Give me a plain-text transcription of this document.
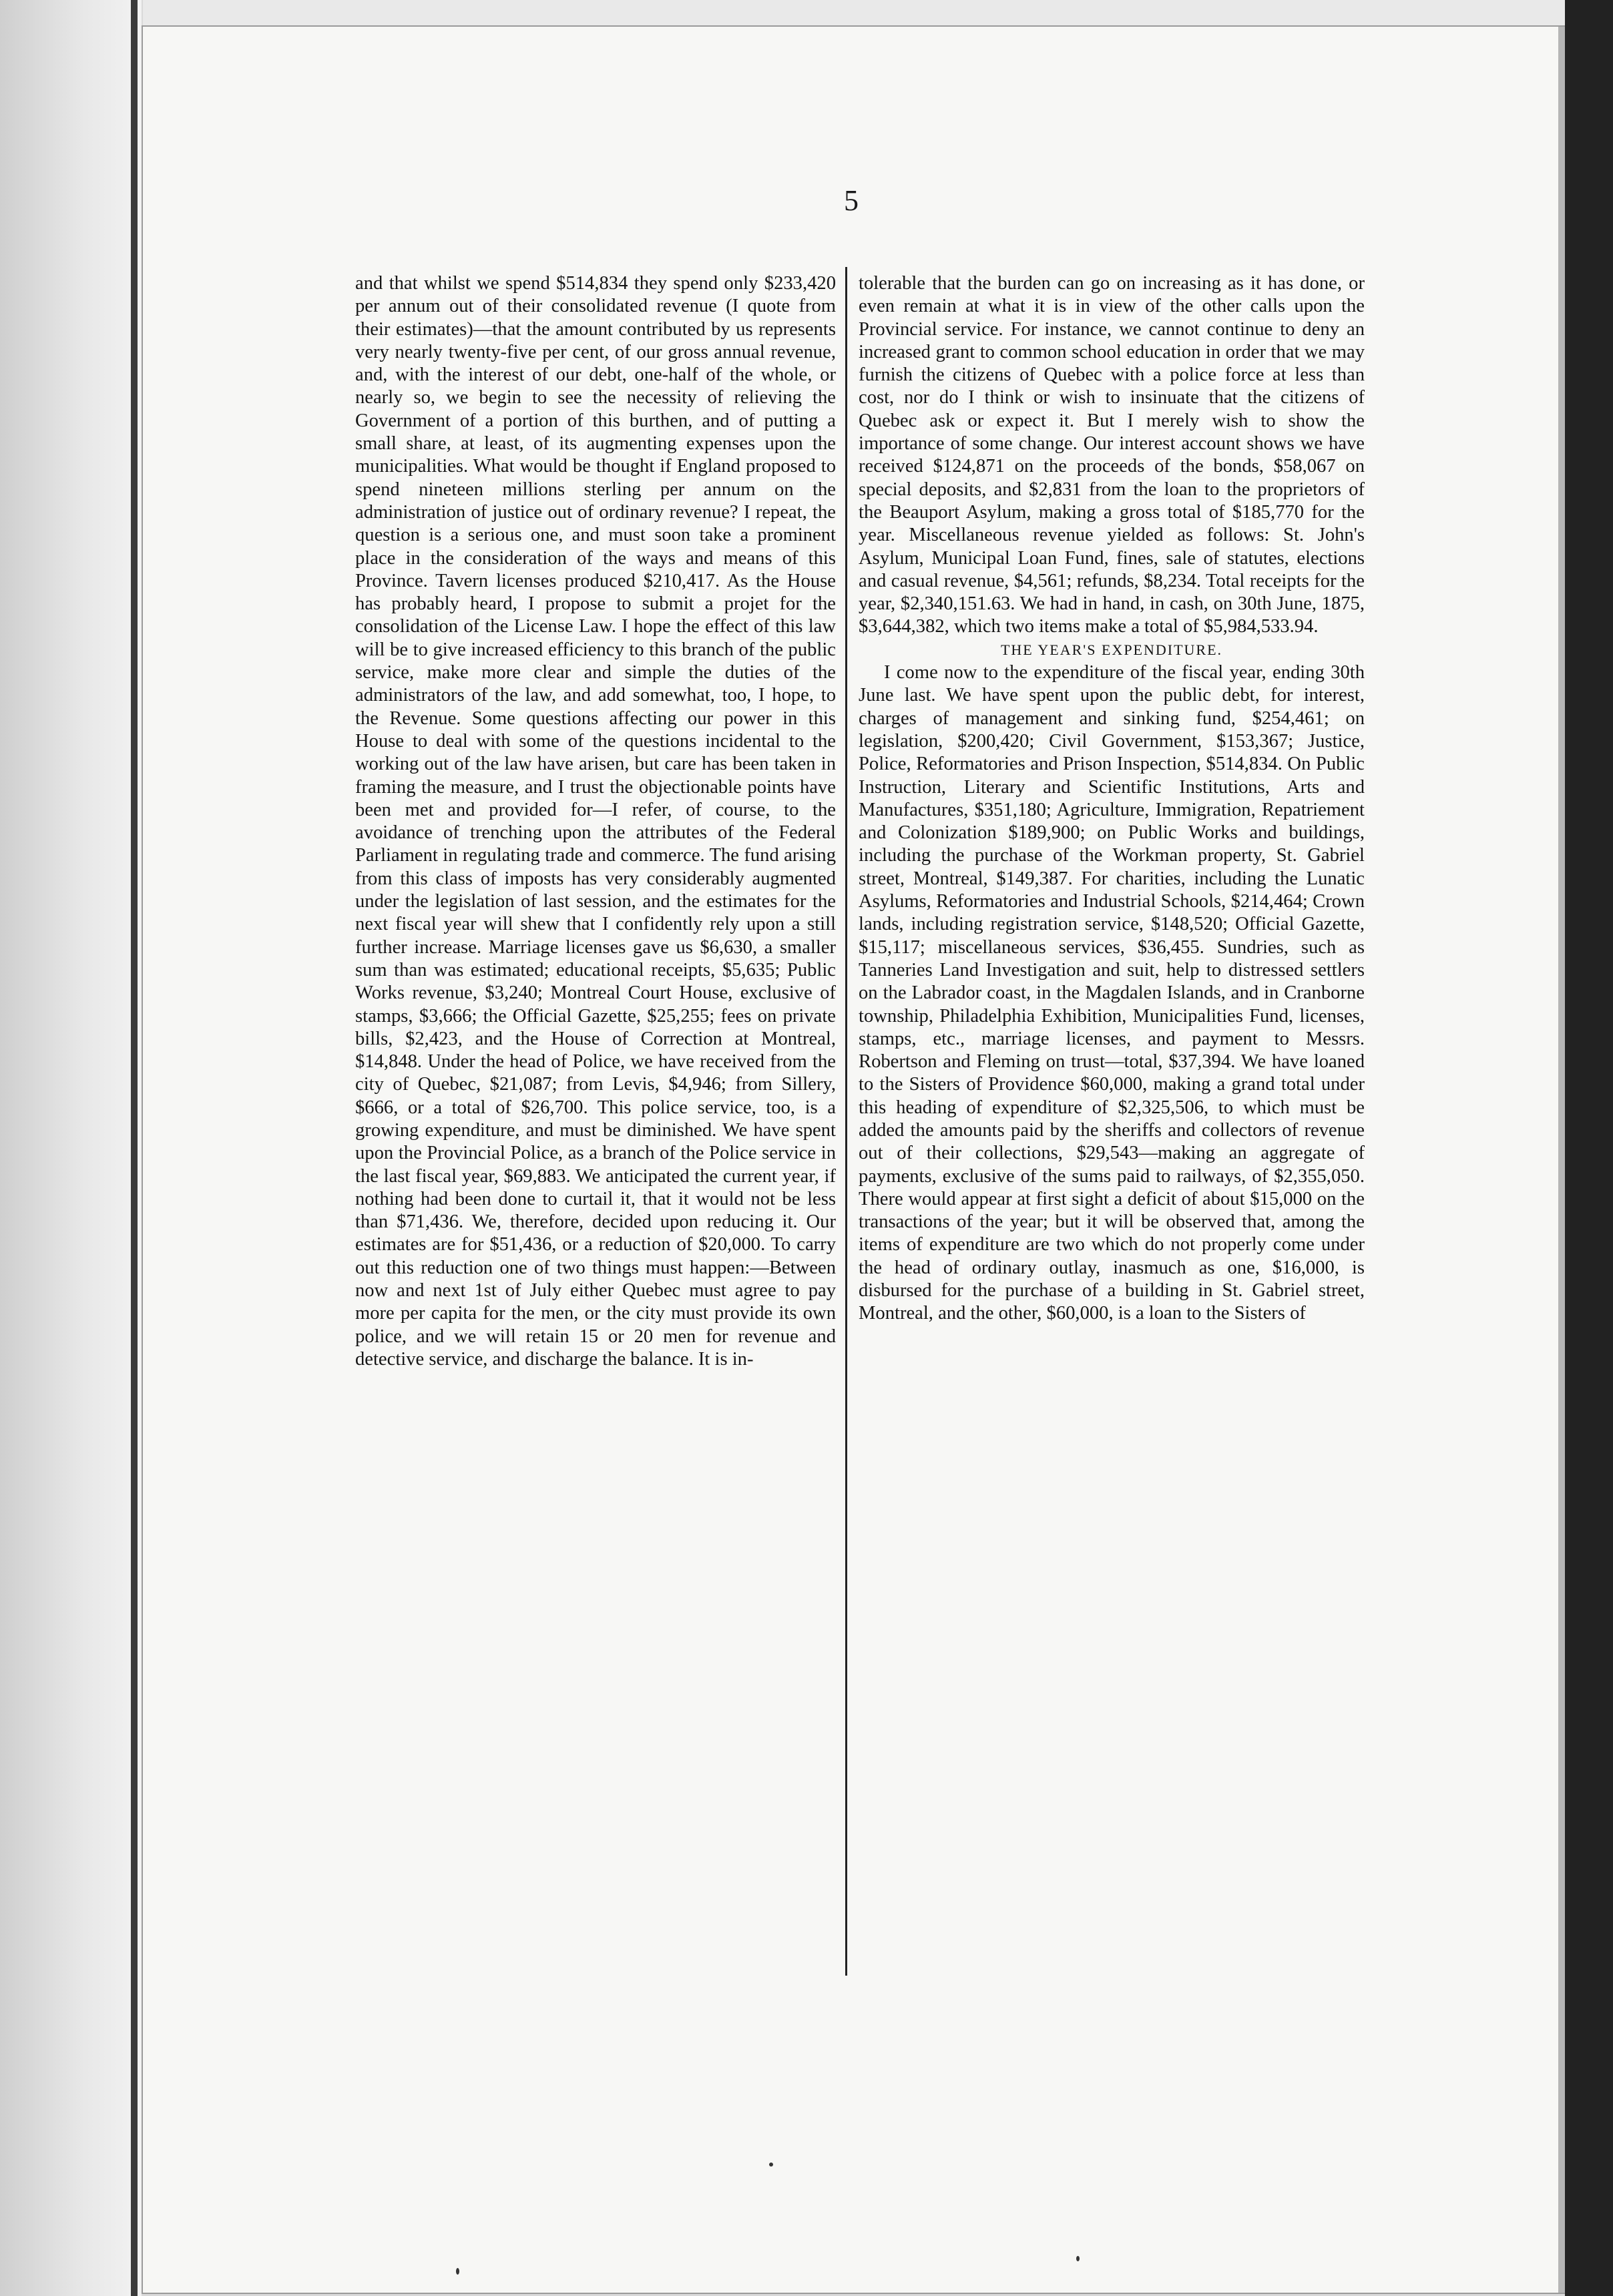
5

and that whilst we spend $514,834 they spend only $233,420 per annum out of their consolidated revenue (I quote from their estimates)—that the amount contributed by us represents very nearly twenty-five per cent, of our gross annual revenue, and, with the interest of our debt, one-half of the whole, or nearly so, we begin to see the necessity of relieving the Government of a portion of this burthen, and of putting a small share, at least, of its augmenting expenses upon the municipalities. What would be thought if England proposed to spend nineteen millions sterling per annum on the administration of justice out of ordinary revenue? I repeat, the question is a serious one, and must soon take a prominent place in the consideration of the ways and means of this Province. Tavern licenses produced $210,417. As the House has probably heard, I propose to submit a projet for the consolidation of the License Law. I hope the effect of this law will be to give increased efficiency to this branch of the public service, make more clear and simple the duties of the administrators of the law, and add somewhat, too, I hope, to the Revenue. Some questions affecting our power in this House to deal with some of the questions incidental to the working out of the law have arisen, but care has been taken in framing the measure, and I trust the objectionable points have been met and provided for—I refer, of course, to the avoidance of trenching upon the attributes of the Federal Parliament in regulating trade and commerce. The fund arising from this class of imposts has very considerably augmented under the legislation of last session, and the estimates for the next fiscal year will shew that I confidently rely upon a still further increase. Marriage licenses gave us $6,630, a smaller sum than was estimated; educational receipts, $5,635; Public Works revenue, $3,240; Montreal Court House, exclusive of stamps, $3,666; the Official Gazette, $25,255; fees on private bills, $2,423, and the House of Correction at Montreal, $14,848. Under the head of Police, we have received from the city of Quebec, $21,087; from Levis, $4,946; from Sillery, $666, or a total of $26,700. This police service, too, is a growing expenditure, and must be diminished. We have spent upon the Provincial Police, as a branch of the Police service in the last fiscal year, $69,883. We anticipated the current year, if nothing had been done to curtail it, that it would not be less than $71,436. We, therefore, decided upon reducing it. Our estimates are for $51,436, or a reduction of $20,000. To carry out this reduction one of two things must happen:—Between now and next 1st of July either Quebec must agree to pay more per capita for the men, or the city must provide its own police, and we will retain 15 or 20 men for revenue and detective service, and discharge the balance. It is in-

tolerable that the burden can go on increasing as it has done, or even remain at what it is in view of the other calls upon the Provincial service. For instance, we cannot continue to deny an increased grant to common school education in order that we may furnish the citizens of Quebec with a police force at less than cost, nor do I think or wish to insinuate that the citizens of Quebec ask or expect it. But I merely wish to show the importance of some change. Our interest account shows we have received $124,871 on the proceeds of the bonds, $58,067 on special deposits, and $2,831 from the loan to the proprietors of the Beauport Asylum, making a gross total of $185,770 for the year. Miscellaneous revenue yielded as follows: St. John's Asylum, Municipal Loan Fund, fines, sale of statutes, elections and casual revenue, $4,561; refunds, $8,234. Total receipts for the year, $2,340,151.63. We had in hand, in cash, on 30th June, 1875, $3,644,382, which two items make a total of $5,984,533.94.

THE YEAR'S EXPENDITURE.

I come now to the expenditure of the fiscal year, ending 30th June last. We have spent upon the public debt, for interest, charges of management and sinking fund, $254,461; on legislation, $200,420; Civil Government, $153,367; Justice, Police, Reformatories and Prison Inspection, $514,834. On Public Instruction, Literary and Scientific Institutions, Arts and Manufactures, $351,180; Agriculture, Immigration, Repatriement and Colonization $189,900; on Public Works and buildings, including the purchase of the Workman property, St. Gabriel street, Montreal, $149,387. For charities, including the Lunatic Asylums, Reformatories and Industrial Schools, $214,464; Crown lands, including registration service, $148,520; Official Gazette, $15,117; miscellaneous services, $36,455. Sundries, such as Tanneries Land Investigation and suit, help to distressed settlers on the Labrador coast, in the Magdalen Islands, and in Cranborne township, Philadelphia Exhibition, Municipalities Fund, licenses, stamps, etc., marriage licenses, and payment to Messrs. Robertson and Fleming on trust—total, $37,394. We have loaned to the Sisters of Providence $60,000, making a grand total under this heading of expenditure of $2,325,506, to which must be added the amounts paid by the sheriffs and collectors of revenue out of their collections, $29,543—making an aggregate of payments, exclusive of the sums paid to railways, of $2,355,050. There would appear at first sight a deficit of about $15,000 on the transactions of the year; but it will be observed that, among the items of expenditure are two which do not properly come under the head of ordinary outlay, inasmuch as one, $16,000, is disbursed for the purchase of a building in St. Gabriel street, Montreal, and the other, $60,000, is a loan to the Sisters of
